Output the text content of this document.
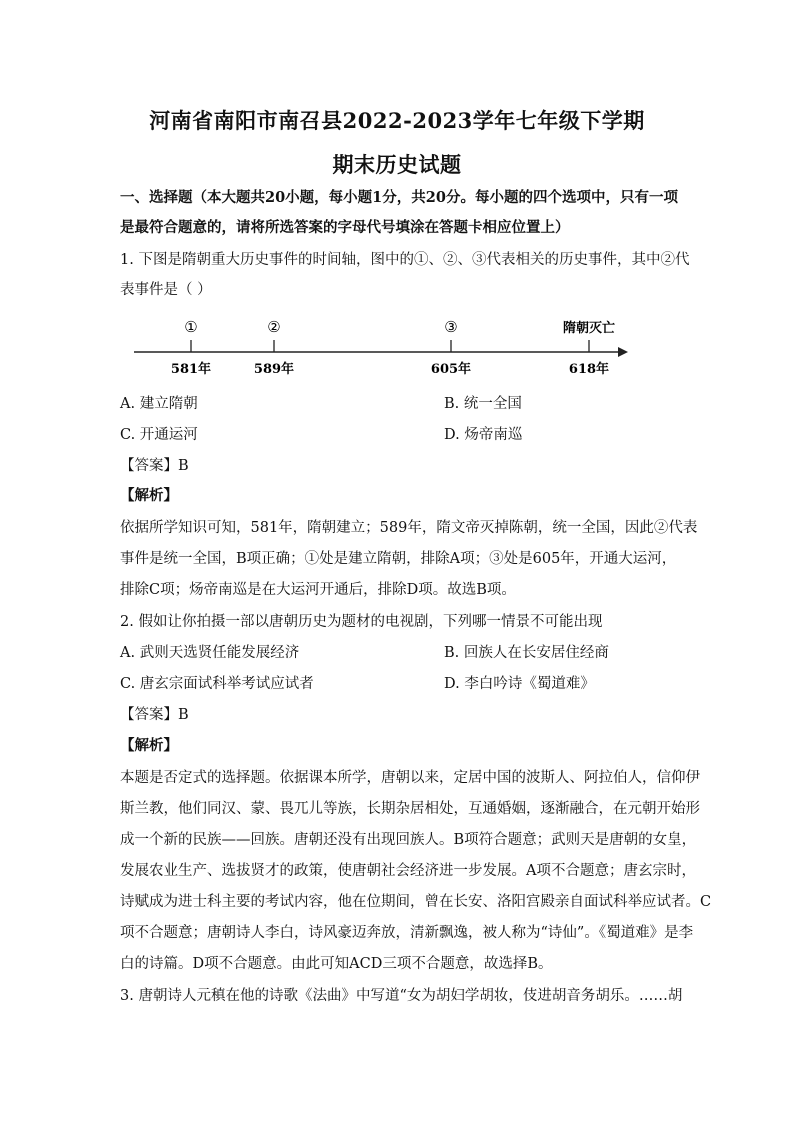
河南省南阳市南召县2022-2023学年七年级下学期
期末历史试题
一、选择题（本大题共20小题，每小题1分，共20分。每小题的四个选项中，只有一项
是最符合题意的，请将所选答案的字母代号填涂在答题卡相应位置上）
1. 下图是隋朝重大历史事件的时间轴，图中的①、②、③代表相关的历史事件，其中②代
表事件是（ ）
①	②	③	隋朝灭亡
581年	589年	605年	618年
A. 建立隋朝	B. 统一全国
C. 开通运河	D. 炀帝南巡
【答案】B
【解析】
依据所学知识可知，581年，隋朝建立；589年，隋文帝灭掉陈朝，统一全国，因此②代表
事件是统一全国，B项正确；①处是建立隋朝，排除A项；③处是605年，开通大运河，
排除C项；炀帝南巡是在大运河开通后，排除D项。故选B项。
2. 假如让你拍摄一部以唐朝历史为题材的电视剧，下列哪一情景不可能出现
A. 武则天选贤任能发展经济	B. 回族人在长安居住经商
C. 唐玄宗面试科举考试应试者	D. 李白吟诗《蜀道难》
【答案】B
【解析】
本题是否定式的选择题。依据课本所学，唐朝以来，定居中国的波斯人、阿拉伯人，信仰伊
斯兰教，他们同汉、蒙、畏兀儿等族，长期杂居相处，互通婚姻，逐渐融合，在元朝开始形
成一个新的民族——回族。唐朝还没有出现回族人。B项符合题意；武则天是唐朝的女皇，
发展农业生产、选拔贤才的政策，使唐朝社会经济进一步发展。A项不合题意；唐玄宗时，
诗赋成为进士科主要的考试内容，他在位期间，曾在长安、洛阳宫殿亲自面试科举应试者。C
项不合题意；唐朝诗人李白，诗风豪迈奔放，清新飘逸，被人称为“诗仙”。《蜀道难》是李
白的诗篇。D项不合题意。由此可知ACD三项不合题意，故选择B。
3. 唐朝诗人元稹在他的诗歌《法曲》中写道“女为胡妇学胡妆，伎进胡音务胡乐。……胡
